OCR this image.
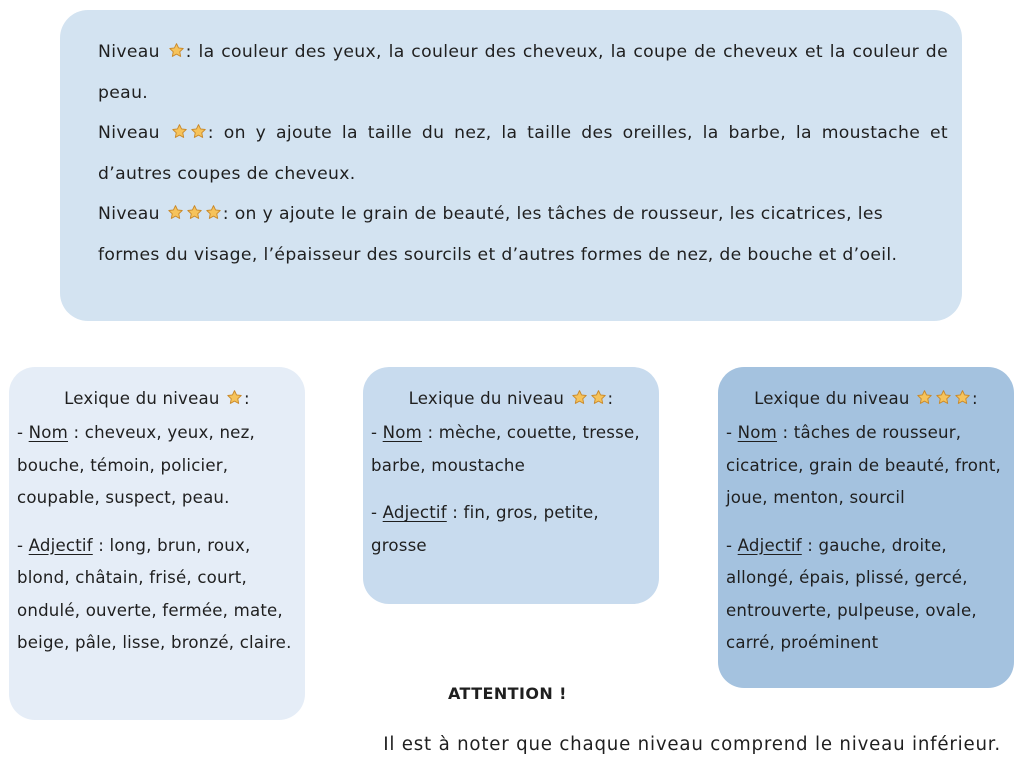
Niveau : la couleur des yeux, la couleur des cheveux, la coupe de cheveux et la couleur de peau.

Niveau	: on y ajoute la taille du nez, la taille des oreilles, la barbe, la moustache et d’autres coupes de cheveux.

Niveau	: on y ajoute le grain de beauté, les tâches de rousseur, les cicatrices, les formes du visage, l’épaisseur des sourcils et d’autres formes de nez, de bouche et d’oeil.

Lexique du niveau :

- Nom : cheveux, yeux, nez, bouche, témoin, policier, coupable, suspect, peau.

- Adjectif : long, brun, roux, blond, châtain, frisé, court, ondulé, ouverte, fermée, mate, beige, pâle, lisse, bronzé, claire.

Lexique du niveau	:

- Nom : mèche, couette, tresse, barbe, moustache

- Adjectif : fin, gros, petite, grosse

Lexique du niveau	:

- Nom : tâches de rousseur, cicatrice, grain de beauté, front, joue, menton, sourcil

- Adjectif : gauche, droite, allongé, épais, plissé, gercé, entrouverte, pulpeuse, ovale, carré, proéminent

ATTENTION !
Il est à noter que chaque niveau comprend le niveau inférieur.
